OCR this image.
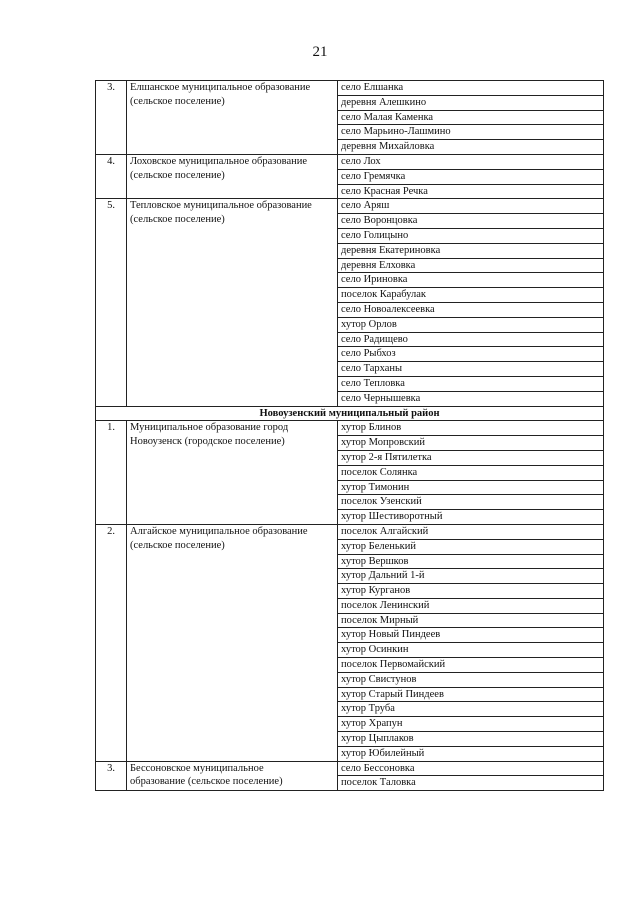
21
3.	Елшанское муниципальное образование
(сельское поселение)	село Елшанка
		деревня Алешкино
		село Малая Каменка
		село Марьино-Лашмино
		деревня Михайловка
4.	Лоховское муниципальное образование
(сельское поселение)	село Лох
		село Гремячка
		село Красная Речка
5.	Тепловское муниципальное образование
(сельское поселение)	село Аряш
		село Воронцовка
		село Голицыно
		деревня Екатериновка
		деревня Елховка
		село Ириновка
		поселок Карабулак
		село Новоалексеевка
		хутор Орлов
		село Радищево
		село Рыбхоз
		село Тарханы
		село Тепловка
		село Чернышевка
Новоузенский муниципальный район		
1.	Муниципальное образование город
Новоузенск (городское поселение)	хутор Блинов
		хутор Мопровский
		хутор 2-я Пятилетка
		поселок Солянка
		хутор Тимонин
		поселок Узенский
		хутор Шестиворотный
2.	Алгайское муниципальное образование
(сельское поселение)	поселок Алгайский
		хутор Беленький
		хутор Вершков
		хутор Дальний 1-й
		хутор Курганов
		поселок Ленинский
		поселок Мирный
		хутор Новый Пиндеев
		хутор Осинкин
		поселок Первомайский
		хутор Свистунов
		хутор Старый Пиндеев
		хутор Труба
		хутор Храпун
		хутор Цыплаков
		хутор Юбилейный
3.	Бессоновское муниципальное
образование (сельское поселение)	село Бессоновка
		поселок Таловка
